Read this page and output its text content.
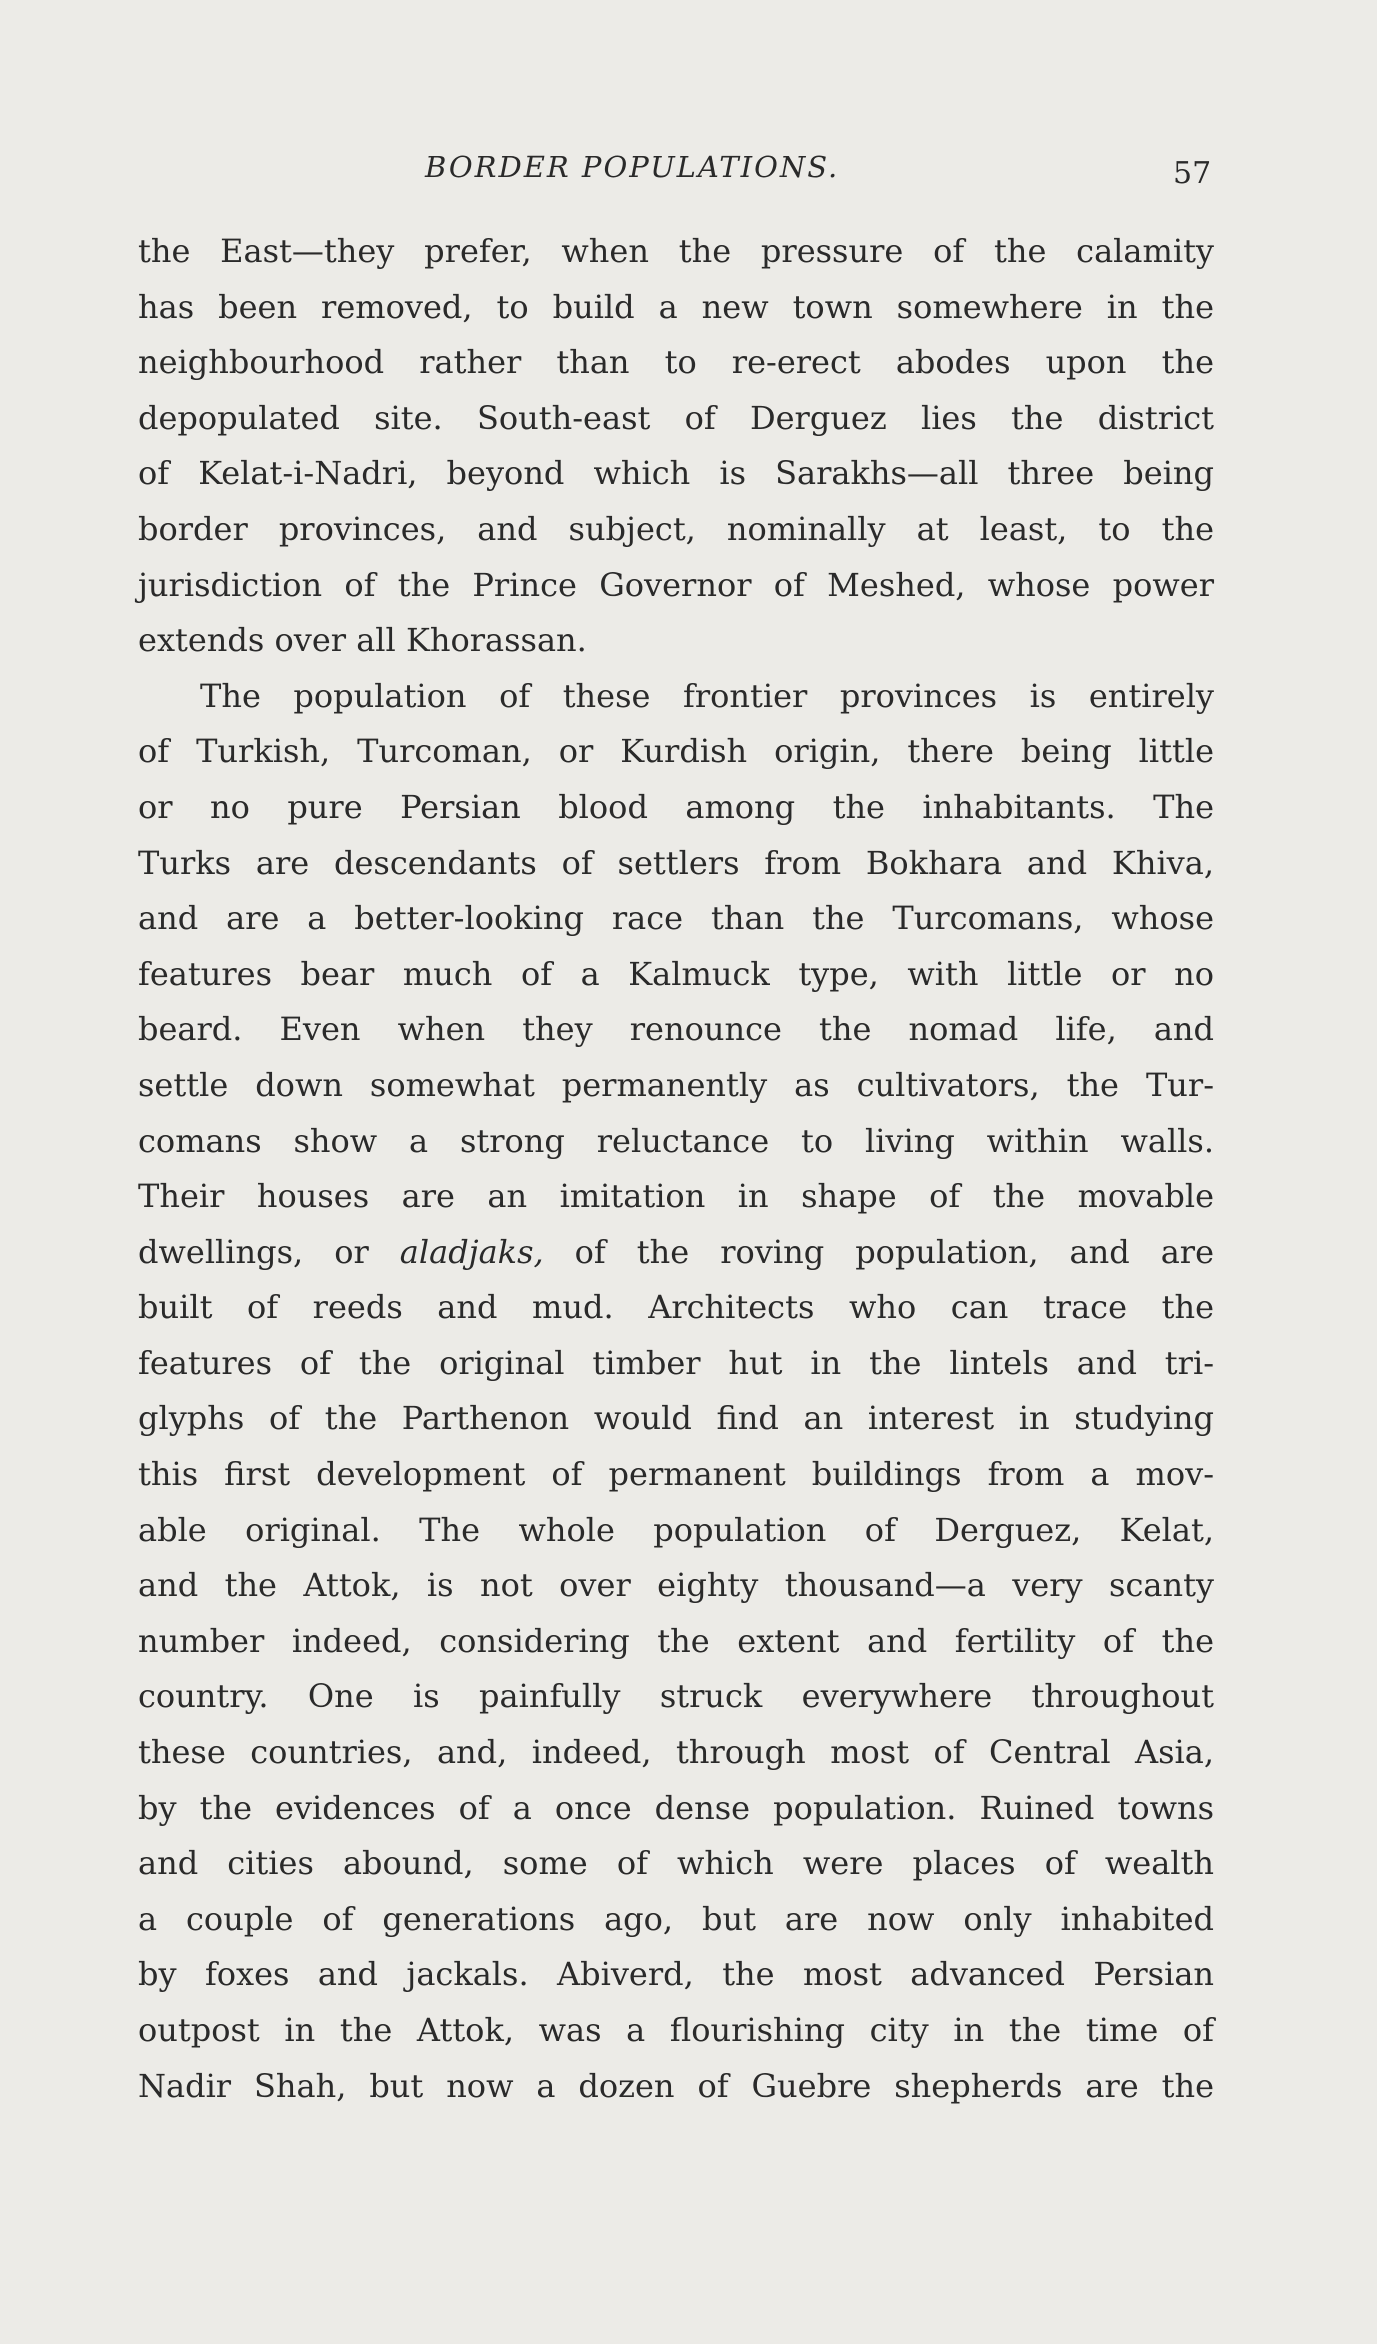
BORDER POPULATIONS.	57
the East—they prefer, when the pressure of the calamity
has been removed, to build a new town somewhere in the
neighbourhood rather than to re-erect abodes upon the
depopulated site. South-east of Derguez lies the district
of Kelat-i-Nadri, beyond which is Sarakhs—all three being
border provinces, and subject, nominally at least, to the
jurisdiction of the Prince Governor of Meshed, whose power
extends over all Khorassan.
The population of these frontier provinces is entirely
of Turkish, Turcoman, or Kurdish origin, there being little
or no pure Persian blood among the inhabitants. The
Turks are descendants of settlers from Bokhara and Khiva,
and are a better-looking race than the Turcomans, whose
features bear much of a Kalmuck type, with little or no
beard. Even when they renounce the nomad life, and
settle down somewhat permanently as cultivators, the Tur-
comans show a strong reluctance to living within walls.
Their houses are an imitation in shape of the movable
dwellings, or aladjaks, of the roving population, and are
built of reeds and mud. Architects who can trace the
features of the original timber hut in the lintels and tri-
glyphs of the Parthenon would find an interest in studying
this first development of permanent buildings from a mov-
able original. The whole population of Derguez, Kelat,
and the Attok, is not over eighty thousand—a very scanty
number indeed, considering the extent and fertility of the
country. One is painfully struck everywhere throughout
these countries, and, indeed, through most of Central Asia,
by the evidences of a once dense population. Ruined towns
and cities abound, some of which were places of wealth
a couple of generations ago, but are now only inhabited
by foxes and jackals. Abiverd, the most advanced Persian
outpost in the Attok, was a flourishing city in the time of
Nadir Shah, but now a dozen of Guebre shepherds are the
